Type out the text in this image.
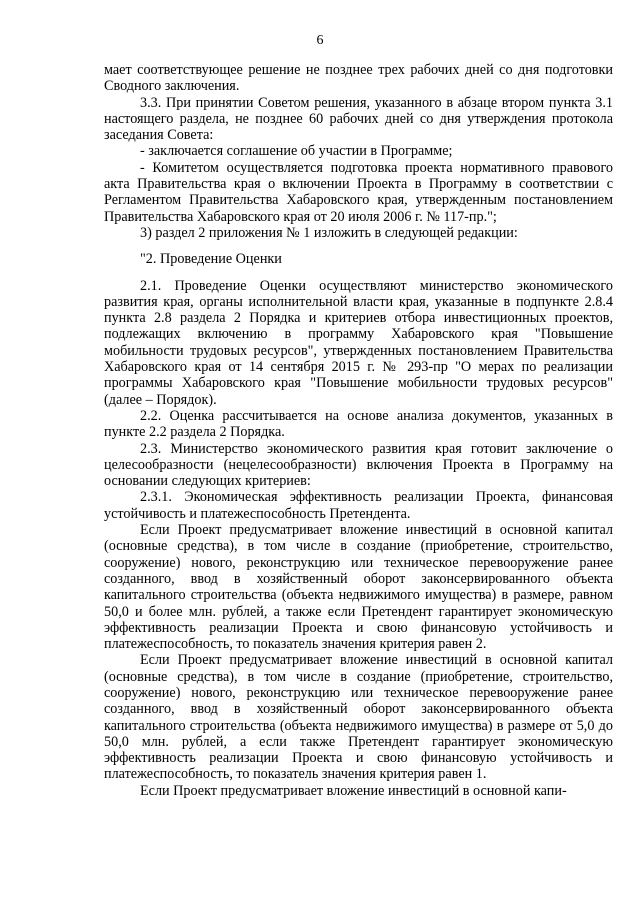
6

мает соответствующее решение не позднее трех рабочих дней со дня подготовки Сводного заключения.

3.3. При принятии Советом решения, указанного в абзаце втором пункта 3.1 настоящего раздела, не позднее 60 рабочих дней со дня утверждения протокола заседания Совета:

- заключается соглашение об участии в Программе;

- Комитетом осуществляется подготовка проекта нормативного правового акта Правительства края о включении Проекта в Программу в соответствии с Регламентом Правительства Хабаровского края, утвержденным постановлением Правительства Хабаровского края от 20 июля 2006 г. № 117-пр.";

3) раздел 2 приложения № 1 изложить в следующей редакции:

"2. Проведение Оценки

2.1. Проведение Оценки осуществляют министерство экономического развития края, органы исполнительной власти края, указанные в подпункте 2.8.4 пункта 2.8 раздела 2 Порядка и критериев отбора инвестиционных проектов, подлежащих включению в программу Хабаровского края "Повышение мобильности трудовых ресурсов", утвержденных постановлением Правительства Хабаровского края от 14 сентября 2015 г. № 293-пр "О мерах по реализации программы Хабаровского края "Повышение мобильности трудовых ресурсов" (далее – Порядок).

2.2. Оценка рассчитывается на основе анализа документов, указанных в пункте 2.2 раздела 2 Порядка.

2.3. Министерство экономического развития края готовит заключение о целесообразности (нецелесообразности) включения Проекта в Программу на основании следующих критериев:

2.3.1. Экономическая эффективность реализации Проекта, финансовая устойчивость и платежеспособность Претендента.

Если Проект предусматривает вложение инвестиций в основной капитал (основные средства), в том числе в создание (приобретение, строительство, сооружение) нового, реконструкцию или техническое перевооружение ранее созданного, ввод в хозяйственный оборот законсервированного объекта капитального строительства (объекта недвижимого имущества) в размере, равном 50,0 и более млн. рублей, а также если Претендент гарантирует экономическую эффективность реализации Проекта и свою финансовую устойчивость и платежеспособность, то показатель значения критерия равен 2.

Если Проект предусматривает вложение инвестиций в основной капитал (основные средства), в том числе в создание (приобретение, строительство, сооружение) нового, реконструкцию или техническое перевооружение ранее созданного, ввод в хозяйственный оборот законсервированного объекта капитального строительства (объекта недвижимого имущества) в размере от 5,0 до 50,0 млн. рублей, а если также Претендент гарантирует экономическую эффективность реализации Проекта и свою финансовую устойчивость и платежеспособность, то показатель значения критерия равен 1.

Если Проект предусматривает вложение инвестиций в основной капи-
